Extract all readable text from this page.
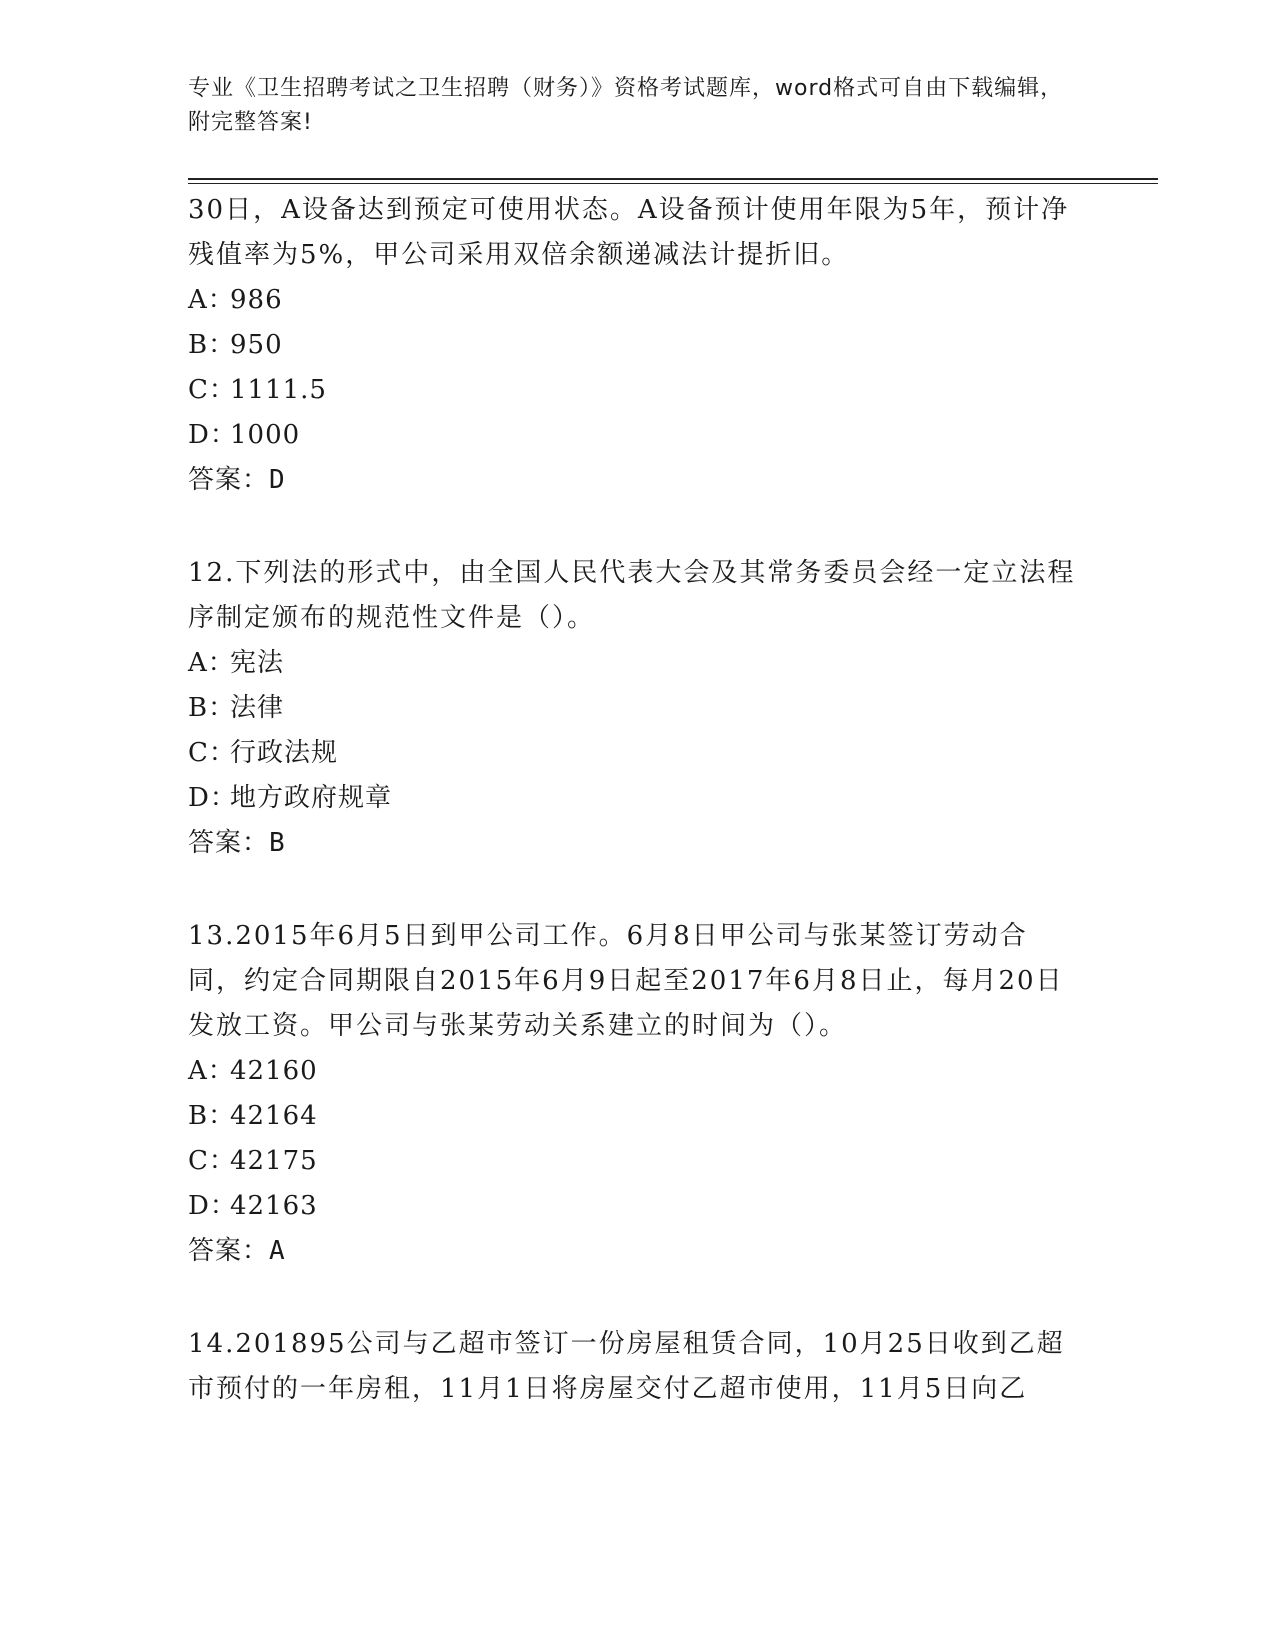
专业《卫生招聘考试之卫生招聘（财务）》资格考试题库，word格式可自由下载编辑，附完整答案!
30日，A设备达到预定可使用状态。A设备预计使用年限为5年，预计净残值率为5%，甲公司采用双倍余额递减法计提折旧。
A：986
B：950
C：1111.5
D：1000
答案：D
12.下列法的形式中，由全国人民代表大会及其常务委员会经一定立法程序制定颁布的规范性文件是（）。
A：宪法
B：法律
C：行政法规
D：地方政府规章
答案：B
13.2015年6月5日到甲公司工作。6月8日甲公司与张某签订劳动合同，约定合同期限自2015年6月9日起至2017年6月8日止，每月20日发放工资。甲公司与张某劳动关系建立的时间为（）。
A：42160
B：42164
C：42175
D：42163
答案：A
14.201895公司与乙超市签订一份房屋租赁合同，10月25日收到乙超市预付的一年房租，11月1日将房屋交付乙超市使用，11月5日向乙
